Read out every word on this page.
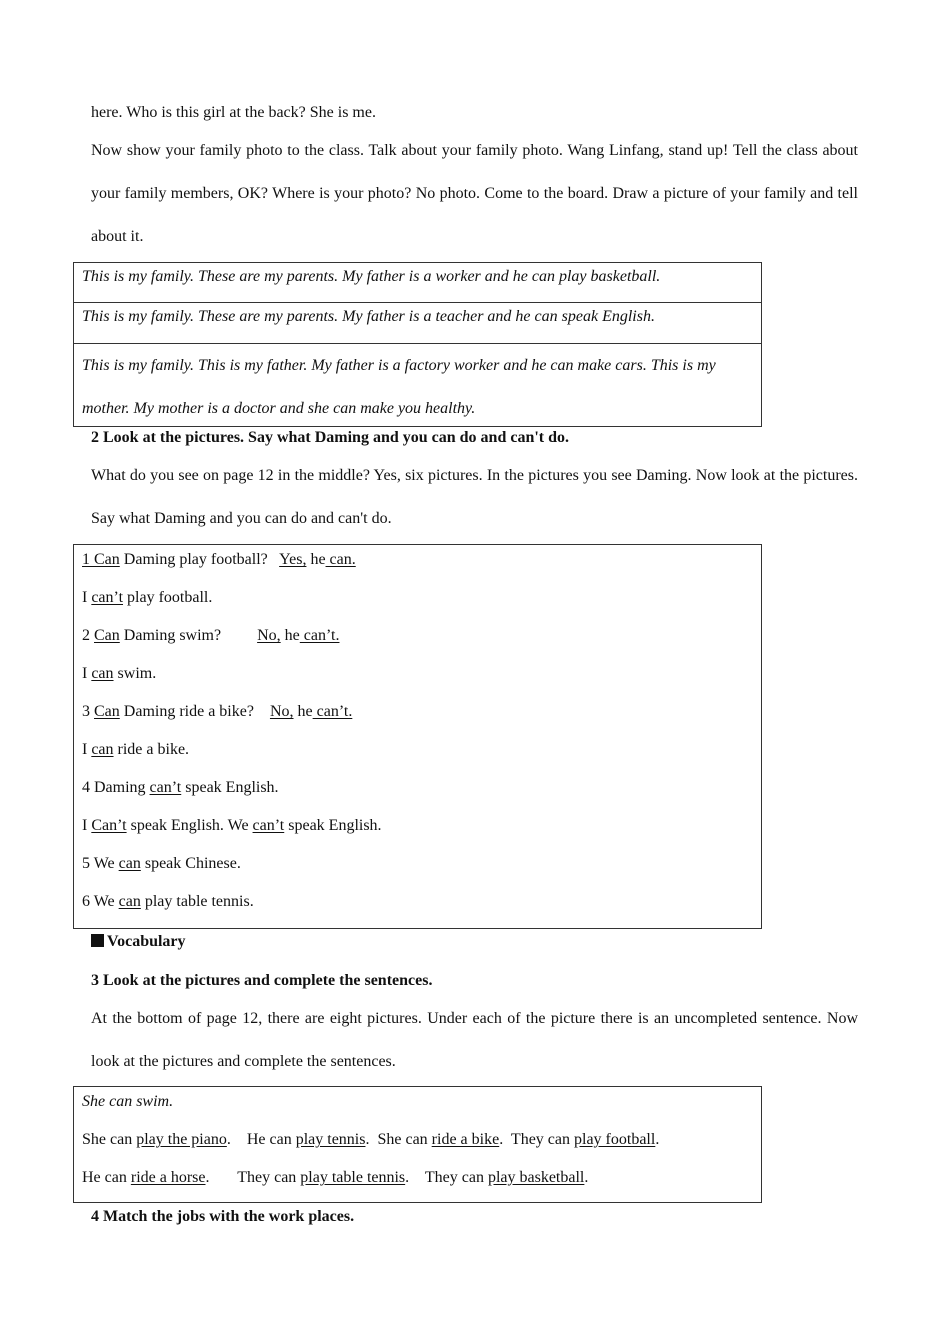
here. Who is this girl at the back? She is me.

Now show your family photo to the class. Talk about your family photo. Wang Linfang, stand up! Tell the class about your family members, OK? Where is your photo? No photo. Come to the board. Draw a picture of your family and tell about it.

This is my family. These are my parents. My father is a worker and he can play basketball.
This is my family. These are my parents. My father is a teacher and he can speak English.
This is my family. This is my father. My father is a factory worker and he can make cars. This is my mother. My mother is a doctor and she can make you healthy.

2 Look at the pictures. Say what Daming and you can do and can't do.

What do you see on page 12 in the middle? Yes, six pictures. In the pictures you see Daming. Now look at the pictures. Say what Daming and you can do and can't do.

1 Can Daming play football?   Yes, he can.
I can’t play football.
2 Can Daming swim?         No, he can’t.
I can swim.
3 Can Daming ride a bike?    No, he can’t.
I can ride a bike.
4 Daming can’t speak English.
I Can’t speak English. We can’t speak English.
5 We can speak Chinese.
6 We can play table tennis.

Vocabulary

3 Look at the pictures and complete the sentences.

At the bottom of page 12, there are eight pictures. Under each of the picture there is an uncompleted sentence. Now look at the pictures and complete the sentences.

She can swim.
She can play the piano.    He can play tennis.  She can ride a bike.  They can play football.
He can ride a horse.       They can play table tennis.    They can play basketball.

4 Match the jobs with the work places.
